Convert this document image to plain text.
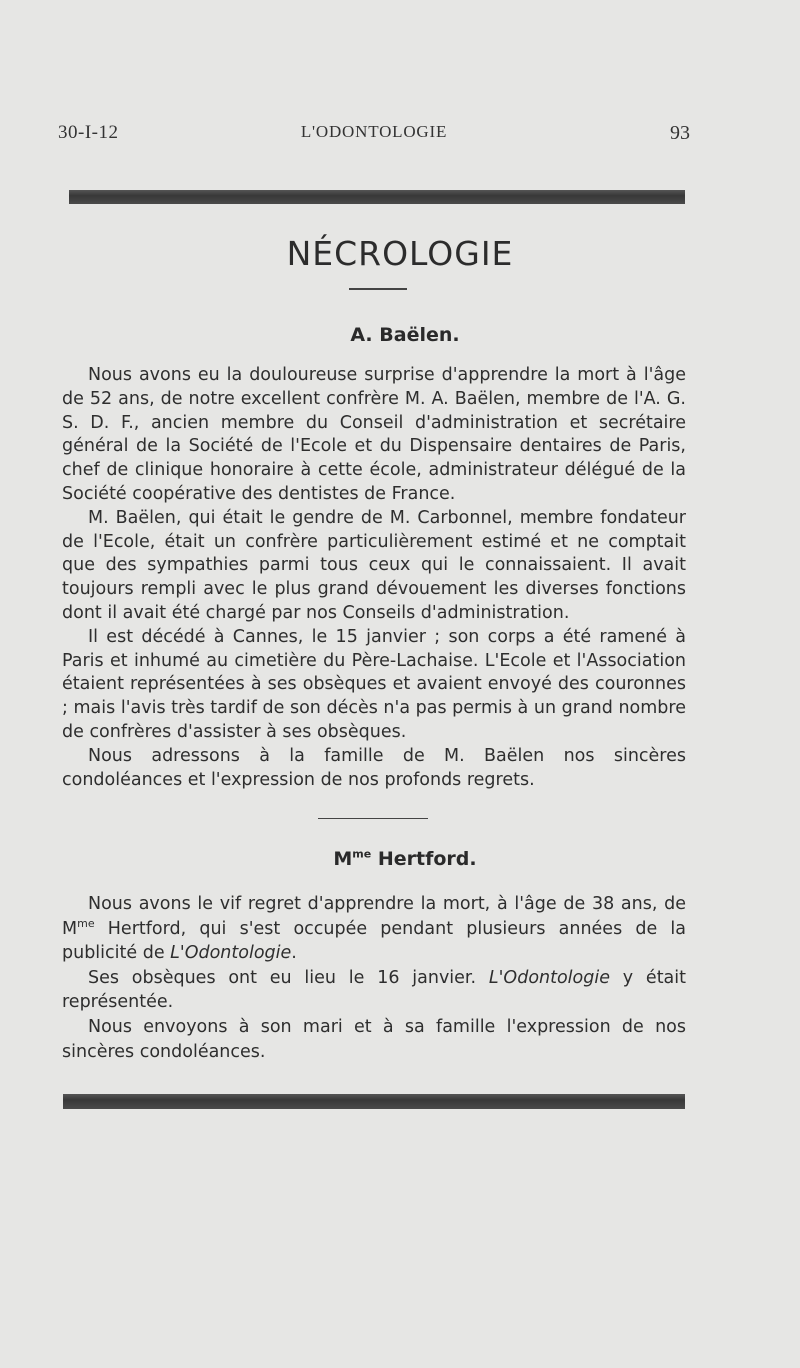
30-I-12	L'ODONTOLOGIE	93
NÉCROLOGIE
A. Baëlen.

Nous avons eu la douloureuse surprise d'apprendre la mort à l'âge de 52 ans, de notre excellent confrère M. A. Baëlen, membre de l'A. G. S. D. F., ancien membre du Conseil d'administration et secrétaire général de la Société de l'Ecole et du Dispensaire dentaires de Paris, chef de clinique honoraire à cette école, administrateur délégué de la Société coopérative des dentistes de France.

M. Baëlen, qui était le gendre de M. Carbonnel, membre fondateur de l'Ecole, était un confrère particulièrement estimé et ne comptait que des sympathies parmi tous ceux qui le connaissaient. Il avait toujours rempli avec le plus grand dévouement les diverses fonctions dont il avait été chargé par nos Conseils d'administration.

Il est décédé à Cannes, le 15 janvier ; son corps a été ramené à Paris et inhumé au cimetière du Père-Lachaise. L'Ecole et l'Association étaient représentées à ses obsèques et avaient envoyé des couronnes ; mais l'avis très tardif de son décès n'a pas permis à un grand nombre de confrères d'assister à ses obsèques.

Nous adressons à la famille de M. Baëlen nos sincères condoléances et l'expression de nos profonds regrets.

$M^{me}$ Hertford.

Nous avons le vif regret d'apprendre la mort, à l'âge de 38 ans, de $M^{me}$ Hertford, qui s'est occupée pendant plusieurs années de la publicité de L'Odontologie.

Ses obsèques ont eu lieu le 16 janvier. L'Odontologie y était représentée.

Nous envoyons à son mari et à sa famille l'expression de nos sincères condoléances.
